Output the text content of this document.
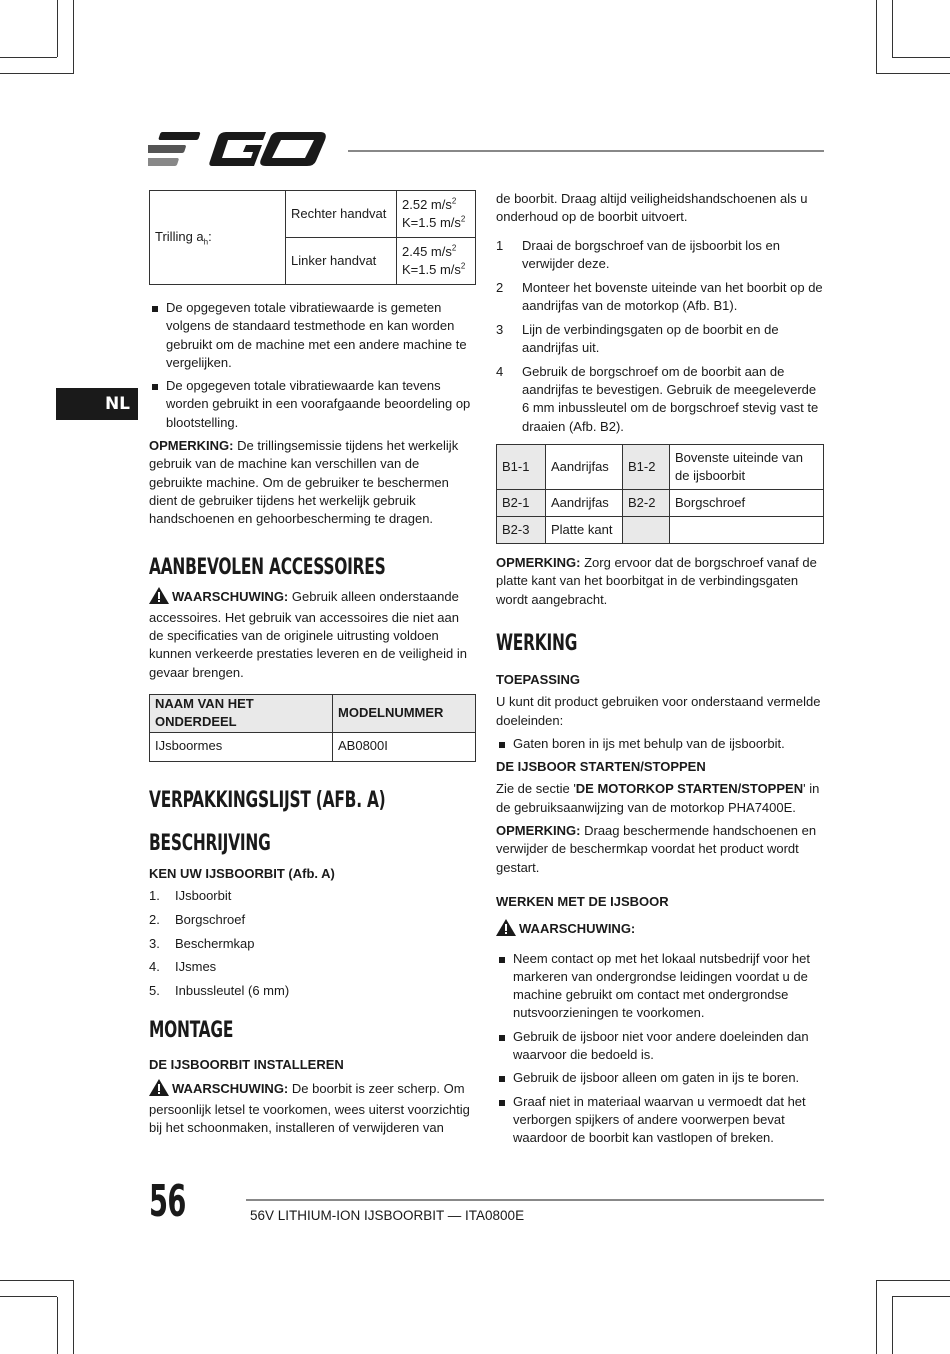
NL
Trilling $a_h$:	Rechter handvat	2.52 $m/s^2$
K=1.5 $m/s^2$
	Linker handvat	2.45 $m/s^2$
K=1.5 $m/s^2$
De opgegeven totale vibratiewaarde is gemeten volgens de standaard testmethode en kan worden gebruikt om de machine met een andere machine te vergelijken.
De opgegeven totale vibratiewaarde kan tevens worden gebruikt in een voorafgaande beoordeling op blootstelling.

OPMERKING: De trillingsemissie tijdens het werkelijk gebruik van de machine kan verschillen van de gebruikte machine. Om de gebruiker te beschermen dient de gebruiker tijdens het werkelijk gebruik handschoenen en gehoorbescherming te dragen.

AANBEVOLEN ACCESSOIRES

WAARSCHUWING: Gebruik alleen onderstaande accessoires. Het gebruik van accessoires die niet aan de specificaties van de originele uitrusting voldoen kunnen verkeerde prestaties leveren en de veiligheid in gevaar brengen.

NAAM VAN HET ONDERDEEL	MODELNUMMER
IJsboormes	AB0800I
VERPAKKINGSLIJST (AFB. A)
BESCHRIJVING
KEN UW IJSBOORBIT (Afb. A)
1.	IJsboorbit
2.	Borgschroef
3.	Beschermkap
4.	IJsmes
5.	Inbussleutel (6 mm)
MONTAGE
DE IJSBOORBIT INSTALLEREN

WAARSCHUWING: De boorbit is zeer scherp. Om persoonlijk letsel te voorkomen, wees uiterst voorzichtig bij het schoonmaken, installeren of verwijderen van

de boorbit. Draag altijd veiligheidshandschoenen als u onderhoud op de boorbit uitvoert.

1	Draai de borgschroef van de ijsboorbit los en verwijder deze.
2	Monteer het bovenste uiteinde van het boorbit op de aandrijfas van de motorkop (Afb. B1).
3	Lijn de verbindingsgaten op de boorbit en de aandrijfas uit.
4	Gebruik de borgschroef om de boorbit aan de aandrijfas te bevestigen. Gebruik de meegeleverde 6 mm inbussleutel om de borgschroef stevig vast te draaien (Afb. B2).
B1-1	Aandrijfas	B1-2	Bovenste uiteinde van de ijsboorbit
B2-1	Aandrijfas	B2-2	Borgschroef
B2-3	Platte kant		

OPMERKING: Zorg ervoor dat de borgschroef vanaf de platte kant van het boorbitgat in de verbindingsgaten wordt aangebracht.

WERKING
TOEPASSING

U kunt dit product gebruiken voor onderstaand vermelde doeleinden:

Gaten boren in ijs met behulp van de ijsboorbit.
DE IJSBOOR STARTEN/STOPPEN

Zie de sectie 'DE MOTORKOP STARTEN/STOPPEN' in de gebruiksaanwijzing van de motorkop PHA7400E.

OPMERKING: Draag beschermende handschoenen en verwijder de beschermkap voordat het product wordt gestart.

WERKEN MET DE IJSBOOR

WAARSCHUWING:

Neem contact op met het lokaal nutsbedrijf voor het markeren van ondergrondse leidingen voordat u de machine gebruikt om contact met ondergrondse nutsvoorzieningen te voorkomen.
Gebruik de ijsboor niet voor andere doeleinden dan waarvoor die bedoeld is.
Gebruik de ijsboor alleen om gaten in ijs te boren.
Graaf niet in materiaal waarvan u vermoedt dat het verborgen spijkers of andere voorwerpen bevat waardoor de boorbit kan vastlopen of breken.
56	56V LITHIUM-ION IJSBOORBIT — ITA0800E
